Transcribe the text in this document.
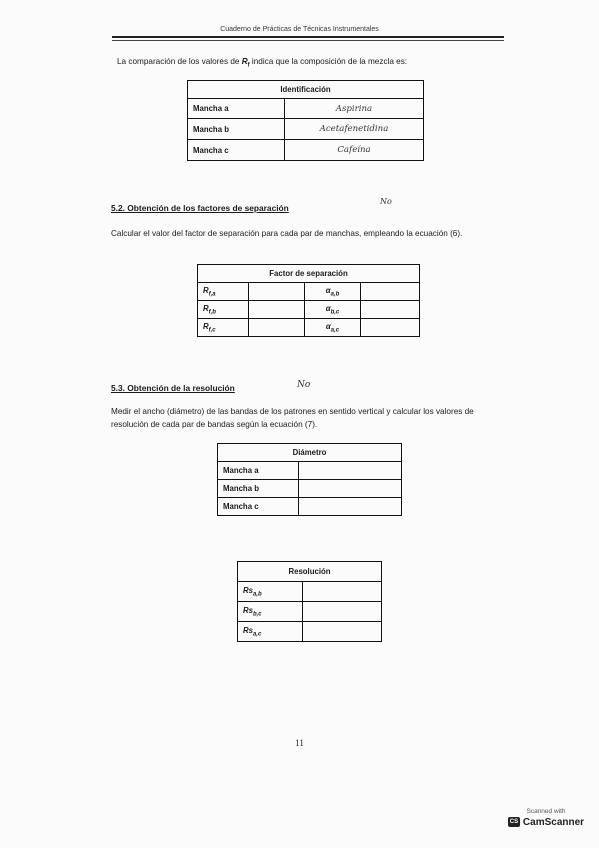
Cuaderno de Prácticas de Técnicas Instrumentales
La comparación de los valores de $R_f$ indica que la composición de la mezcla es:
Identificación	
Mancha a	Aspirina
Mancha b	Acetafenetidina
Mancha c	Cafeína
5.2. Obtención de los factores de separación
No
Calcular el valor del factor de separación para cada par de manchas, empleando la ecuación (6).
Factor de separación			
$R_{f,a}$		$\alpha_{a,b}$	
$R_{f,b}$		$\alpha_{b,c}$	
$R_{f,c}$		$\alpha_{a,c}$	
5.3. Obtención de la resolución	No
Medir el ancho (diámetro) de las bandas de los patrones en sentido vertical y calcular los valores de resolución de cada par de bandas según la ecuación (7).
Diámetro	
Mancha a	
Mancha b	
Mancha c	
Resolución	
$Rs_{a,b}$	
$Rs_{b,c}$	
$Rs_{a,c}$	
11
Scanned with
CS CamScanner
